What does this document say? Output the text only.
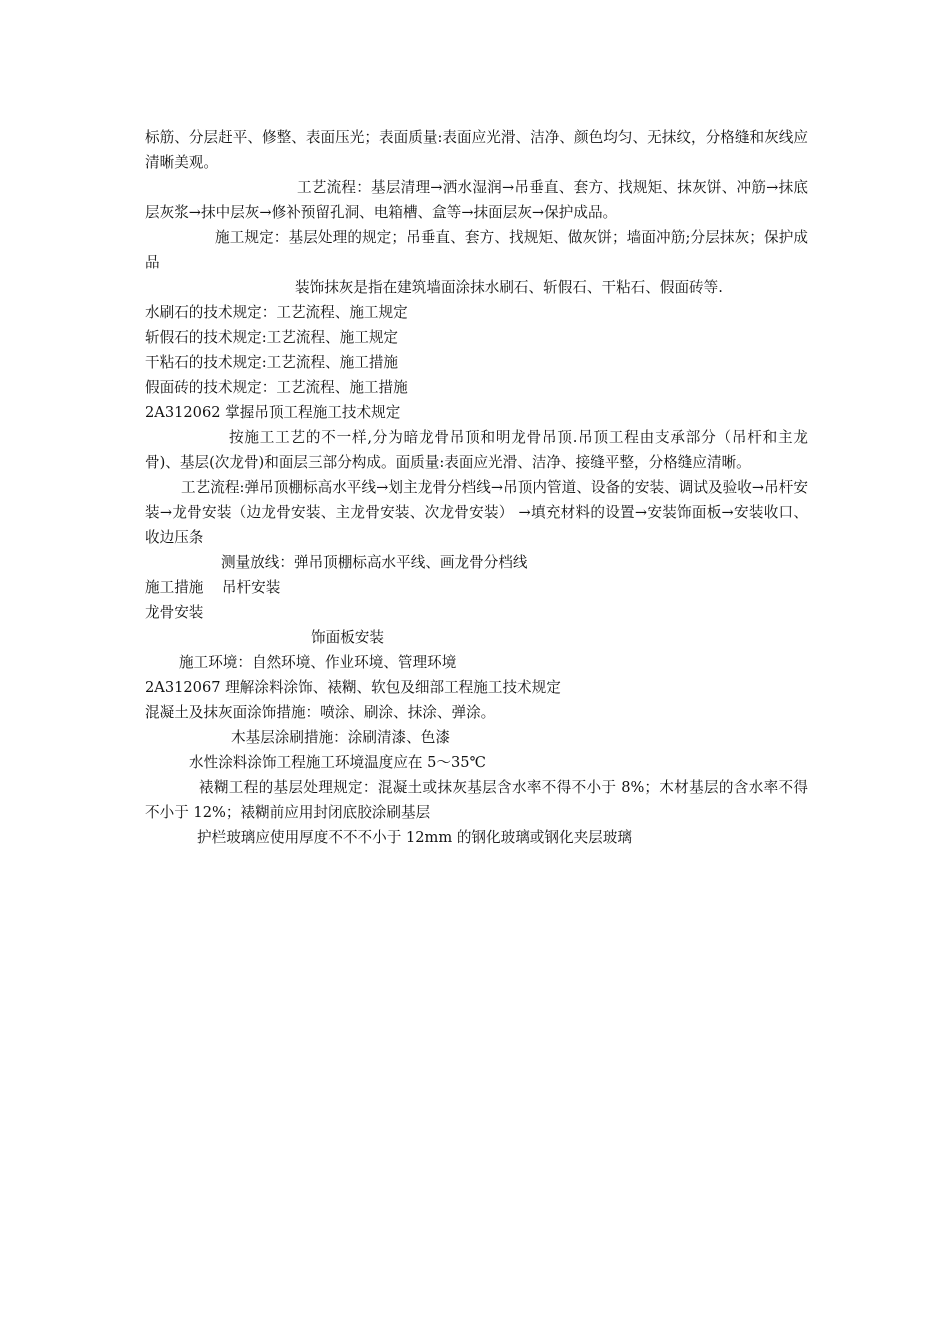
标筋、分层赶平、修整、表面压光；表面质量:表面应光滑、洁净、颜色均匀、无抹纹，分格缝和灰线应清晰美观。

工艺流程：基层清理→洒水湿润→吊垂直、套方、找规矩、抹灰饼、冲筋→抹底层灰浆→抹中层灰→修补预留孔洞、电箱槽、盒等→抹面层灰→保护成品。

施工规定：基层处理的规定；吊垂直、套方、找规矩、做灰饼；墙面冲筋;分层抹灰；保护成品

装饰抹灰是指在建筑墙面涂抹水刷石、斩假石、干粘石、假面砖等.

水刷石的技术规定：工艺流程、施工规定

斩假石的技术规定:工艺流程、施工规定

干粘石的技术规定:工艺流程、施工措施

假面砖的技术规定：工艺流程、施工措施

2A312062 掌握吊顶工程施工技术规定

按施工工艺的不一样,分为暗龙骨吊顶和明龙骨吊顶.吊顶工程由支承部分（吊杆和主龙骨)、基层(次龙骨)和面层三部分构成。面质量:表面应光滑、洁净、接缝平整，分格缝应清晰。

工艺流程:弹吊顶棚标高水平线→划主龙骨分档线→吊顶内管道、设备的安装、调试及验收→吊杆安装→龙骨安装（边龙骨安装、主龙骨安装、次龙骨安装） →填充材料的设置→安装饰面板→安装收口、收边压条

测量放线：弹吊顶棚标高水平线、画龙骨分档线

施工措施    吊杆安装

龙骨安装

饰面板安装

施工环境：自然环境、作业环境、管理环境

2A312067 理解涂料涂饰、裱糊、软包及细部工程施工技术规定

混凝土及抹灰面涂饰措施：喷涂、刷涂、抹涂、弹涂。

木基层涂刷措施：涂刷清漆、色漆

水性涂料涂饰工程施工环境温度应在 5～35℃

裱糊工程的基层处理规定：混凝土或抹灰基层含水率不得不小于 8%；木材基层的含水率不得不小于 12%；裱糊前应用封闭底胶涂刷基层

护栏玻璃应使用厚度不不不小于 12mm 的钢化玻璃或钢化夹层玻璃
